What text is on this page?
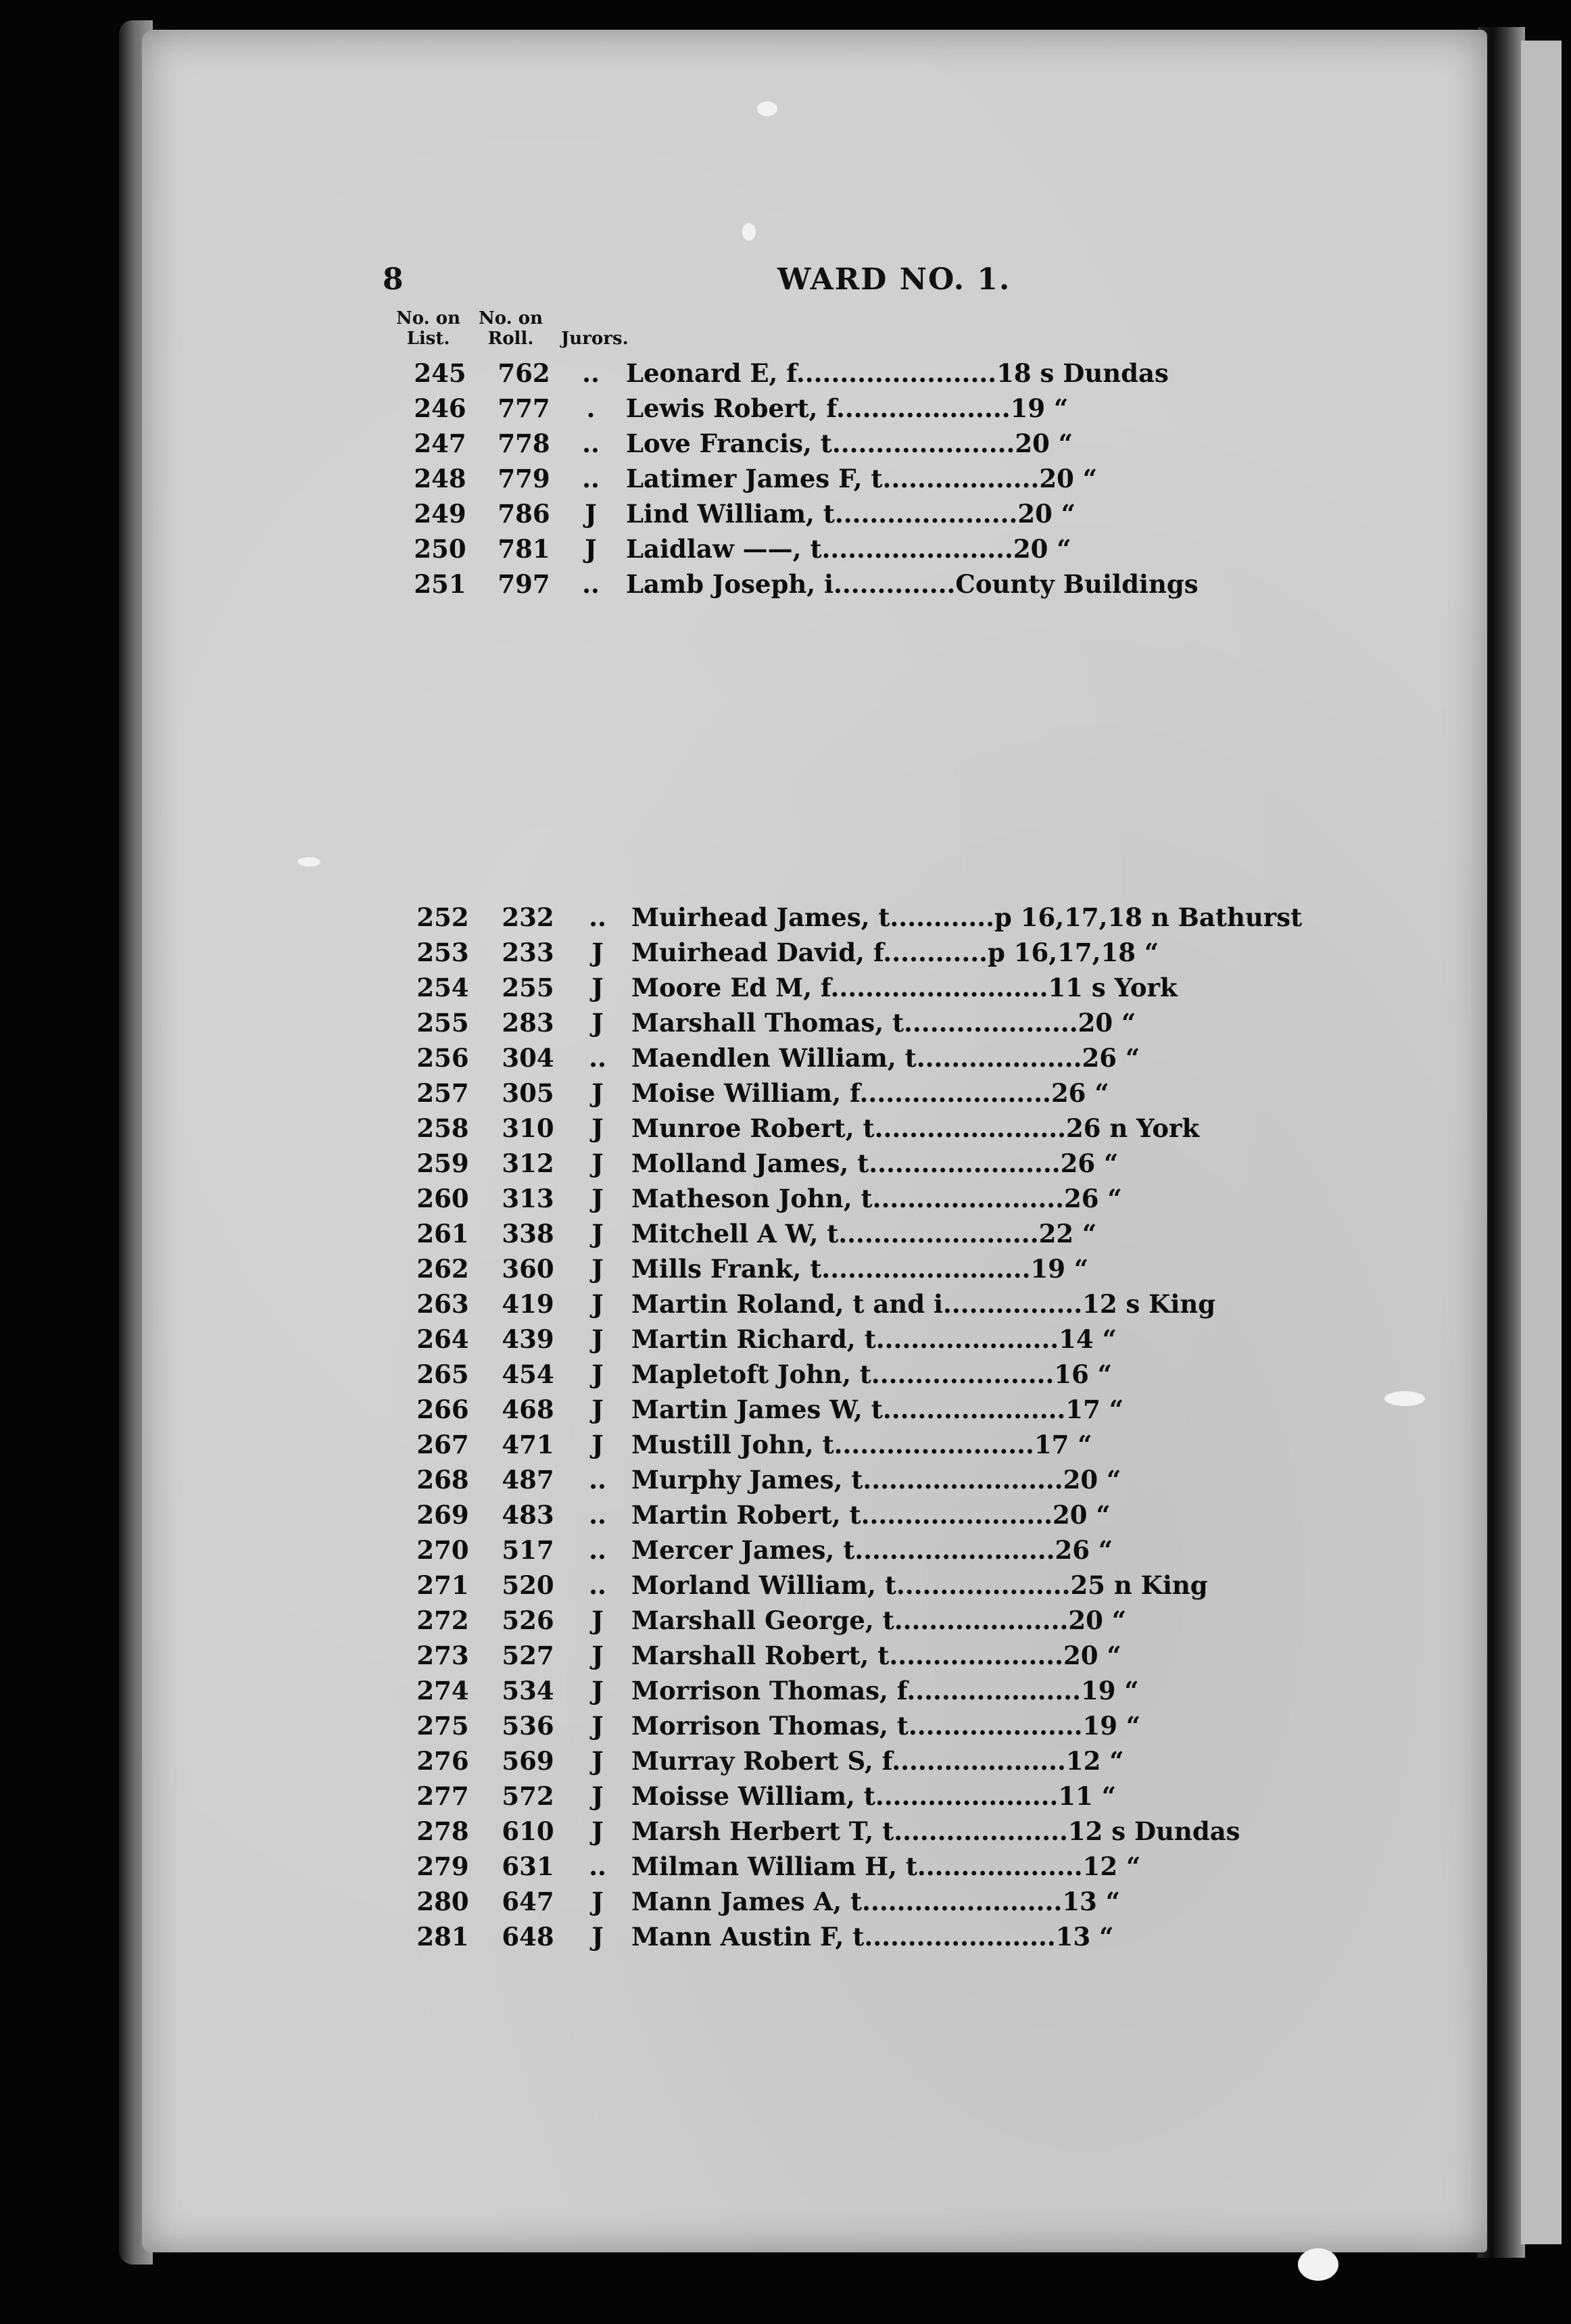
8	WARD NO. 1.
No. on
List.
No. on
Roll.	Jurors.
245	762	.. Leonard E, f.......................18 s Dundas
246	777	.	Lewis Robert, f....................19 “
247	778	.. Love Francis, t.....................20 “
248	779	.. Latimer James F, t..................20 “
249	786	J	Lind William, t.....................20 “
250	781	J	Laidlaw ——, t......................20 “
251	797	.. Lamb Joseph, i..............County Buildings
252	232	.. Muirhead James, t............p 16,17,18 n Bathurst
253	233	J	Muirhead David, f............p 16,17,18 “
254	255	J	Moore Ed M, f.........................11 s York
255	283	J	Marshall Thomas, t....................20 “
256	304	.. Maendlen William, t...................26 “
257	305	J	Moise William, f......................26 “
258	310	J	Munroe Robert, t......................26 n York
259	312	J	Molland James, t......................26 “
260	313	J	Matheson John, t......................26 “
261	338	J	Mitchell A W, t.......................22 “
262	360	J	Mills Frank, t........................19 “
263	419	J	Martin Roland, t and i................12 s King
264	439	J	Martin Richard, t.....................14 “
265	454	J	Mapletoft John, t.....................16 “
266	468	J	Martin James W, t.....................17 “
267	471	J	Mustill John, t.......................17 “
268	487	.. Murphy James, t.......................20 “
269	483	.. Martin Robert, t......................20 “
270	517	.. Mercer James, t.......................26 “
271	520	.. Morland William, t....................25 n King
272	526	J	Marshall George, t....................20 “
273	527	J	Marshall Robert, t....................20 “
274	534	J	Morrison Thomas, f....................19 “
275	536	J	Morrison Thomas, t....................19 “
276	569	J	Murray Robert S, f....................12 “
277	572	J	Moisse William, t.....................11 “
278	610	J	Marsh Herbert T, t....................12 s Dundas
279	631	.. Milman William H, t...................12 “
280	647	J	Mann James A, t.......................13 “
281	648	J	Mann Austin F, t......................13 “
